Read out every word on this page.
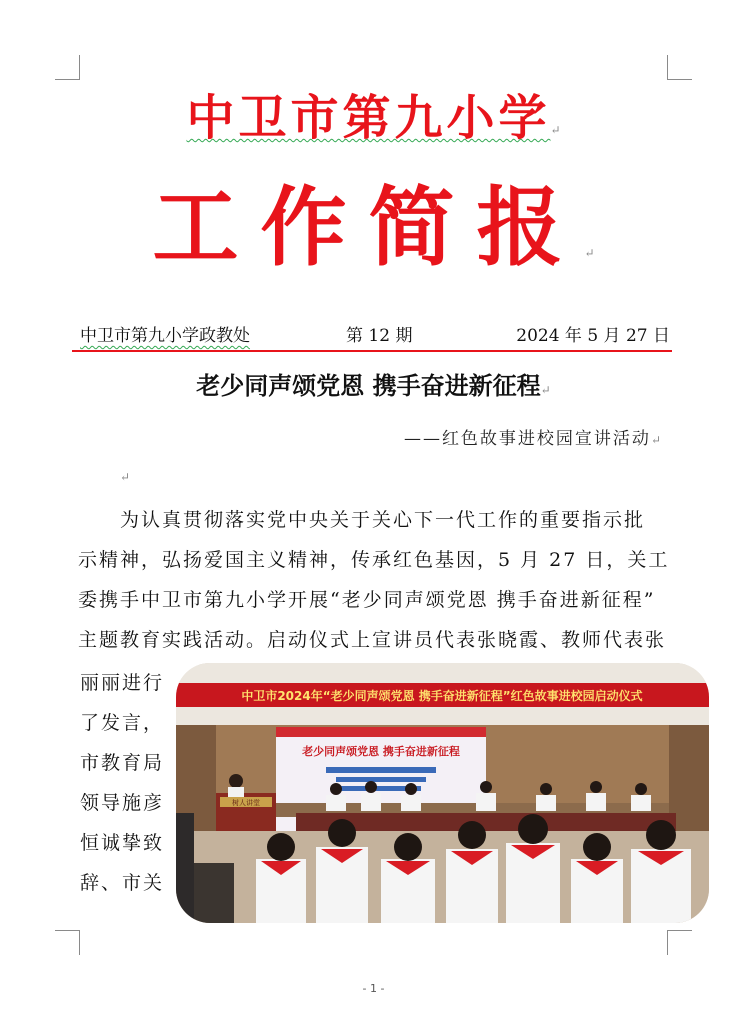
中卫市第九小学↵
工作简报↵
中卫市第九小学政教处	第 12 期	2024 年 5 月 27 日
老少同声颂党恩 携手奋进新征程↵
——红色故事进校园宣讲活动↵
↵
为认真贯彻落实党中央关于关心下一代工作的重要指示批
示精神，弘扬爱国主义精神，传承红色基因，5 月 27 日，关工
委携手中卫市第九小学开展“老少同声颂党恩 携手奋进新征程”
主题教育实践活动。启动仪式上宣讲员代表张晓霞、教师代表张
丽丽进行
了发言，
市教育局
领导施彦
恒诚挚致
辞、市关
中卫市2024年“老少同声颂党恩 携手奋进新征程”红色故事进校园启动仪式
老少同声颂党恩 携手奋进新征程
树人讲堂
- 1 -
